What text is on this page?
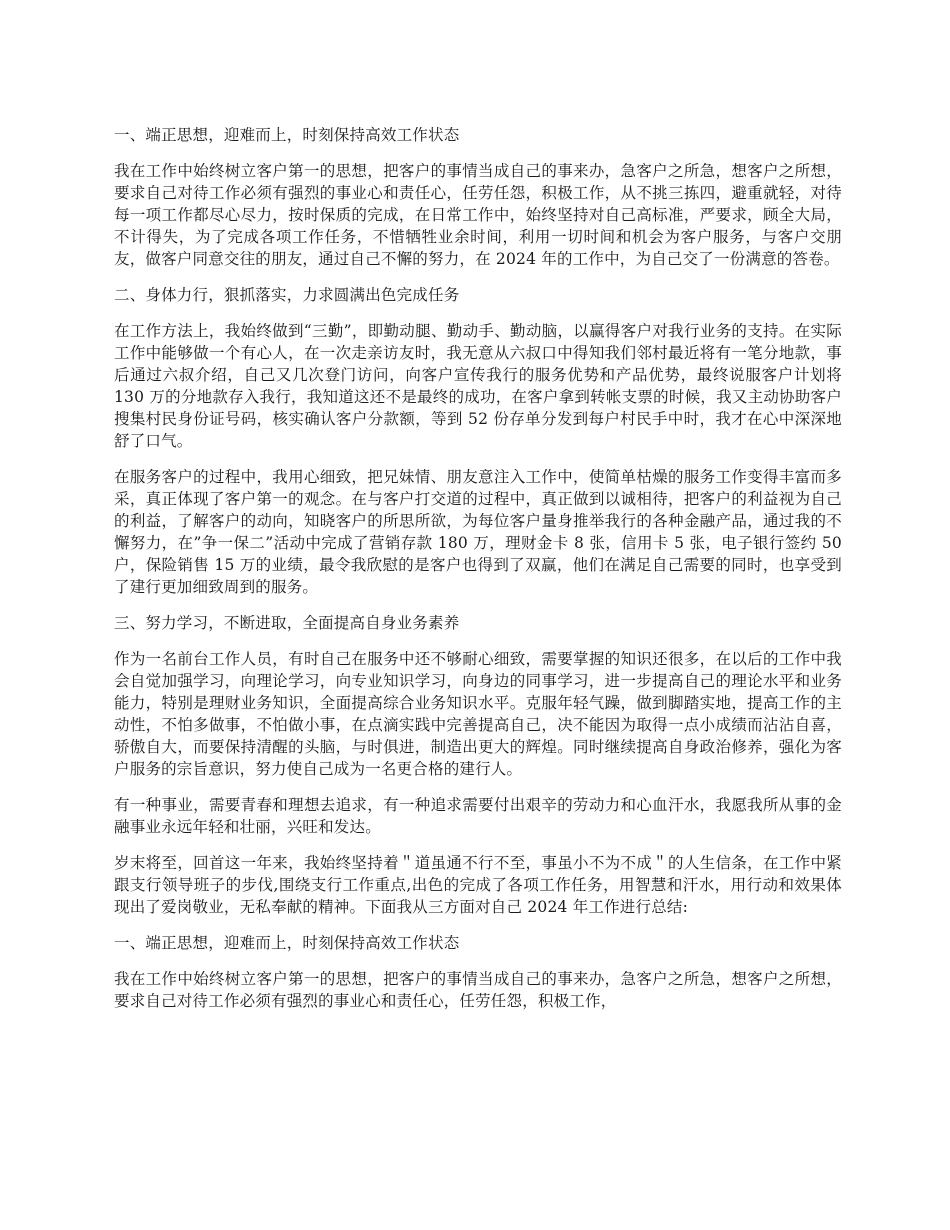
一、端正思想，迎难而上，时刻保持高效工作状态

我在工作中始终树立客户第一的思想，把客户的事情当成自己的事来办，急客户之所急，想客户之所想，要求自己对待工作必须有强烈的事业心和责任心，任劳任怨，积极工作，从不挑三拣四，避重就轻，对待每一项工作都尽心尽力，按时保质的完成，在日常工作中，始终坚持对自己高标准，严要求，顾全大局，不计得失，为了完成各项工作任务，不惜牺牲业余时间，利用一切时间和机会为客户服务，与客户交朋友，做客户同意交往的朋友，通过自己不懈的努力，在 2024 年的工作中，为自己交了一份满意的答卷。

二、身体力行，狠抓落实，力求圆满出色完成任务

在工作方法上，我始终做到“三勤”，即勤动腿、勤动手、勤动脑，以赢得客户对我行业务的支持。在实际工作中能够做一个有心人，在一次走亲访友时，我无意从六叔口中得知我们邻村最近将有一笔分地款，事后通过六叔介绍，自己又几次登门访问，向客户宣传我行的服务优势和产品优势，最终说服客户计划将 130 万的分地款存入我行，我知道这还不是最终的成功，在客户拿到转帐支票的时候，我又主动协助客户搜集村民身份证号码，核实确认客户分款额，等到 52 份存单分发到每户村民手中时，我才在心中深深地舒了口气。

在服务客户的过程中，我用心细致，把兄妹情、朋友意注入工作中，使简单枯燥的服务工作变得丰富而多采，真正体现了客户第一的观念。在与客户打交道的过程中，真正做到以诚相待，把客户的利益视为自己的利益，了解客户的动向，知晓客户的所思所欲，为每位客户量身推举我行的各种金融产品，通过我的不懈努力，在”争一保二”活动中完成了营销存款 180 万，理财金卡 8 张，信用卡 5 张，电子银行签约 50 户，保险销售 15 万的业绩，最令我欣慰的是客户也得到了双赢，他们在满足自己需要的同时，也享受到了建行更加细致周到的服务。

三、努力学习，不断进取，全面提高自身业务素养

作为一名前台工作人员，有时自己在服务中还不够耐心细致，需要掌握的知识还很多，在以后的工作中我会自觉加强学习，向理论学习，向专业知识学习，向身边的同事学习，进一步提高自己的理论水平和业务能力，特别是理财业务知识，全面提高综合业务知识水平。克服年轻气躁，做到脚踏实地，提高工作的主动性，不怕多做事，不怕做小事，在点滴实践中完善提高自己，决不能因为取得一点小成绩而沾沾自喜，骄傲自大，而要保持清醒的头脑，与时俱进，制造出更大的辉煌。同时继续提高自身政治修养，强化为客户服务的宗旨意识，努力使自己成为一名更合格的建行人。

有一种事业，需要青春和理想去追求，有一种追求需要付出艰辛的劳动力和心血汗水，我愿我所从事的金融事业永远年轻和壮丽，兴旺和发达。

岁末将至，回首这一年来，我始终坚持着＂道虽通不行不至，事虽小不为不成＂的人生信条，在工作中紧跟支行领导班子的步伐,围绕支行工作重点,出色的完成了各项工作任务，用智慧和汗水，用行动和效果体现出了爱岗敬业，无私奉献的精神。下面我从三方面对自己 2024 年工作进行总结:

一、端正思想，迎难而上，时刻保持高效工作状态

我在工作中始终树立客户第一的思想，把客户的事情当成自己的事来办，急客户之所急，想客户之所想，要求自己对待工作必须有强烈的事业心和责任心，任劳任怨，积极工作，
